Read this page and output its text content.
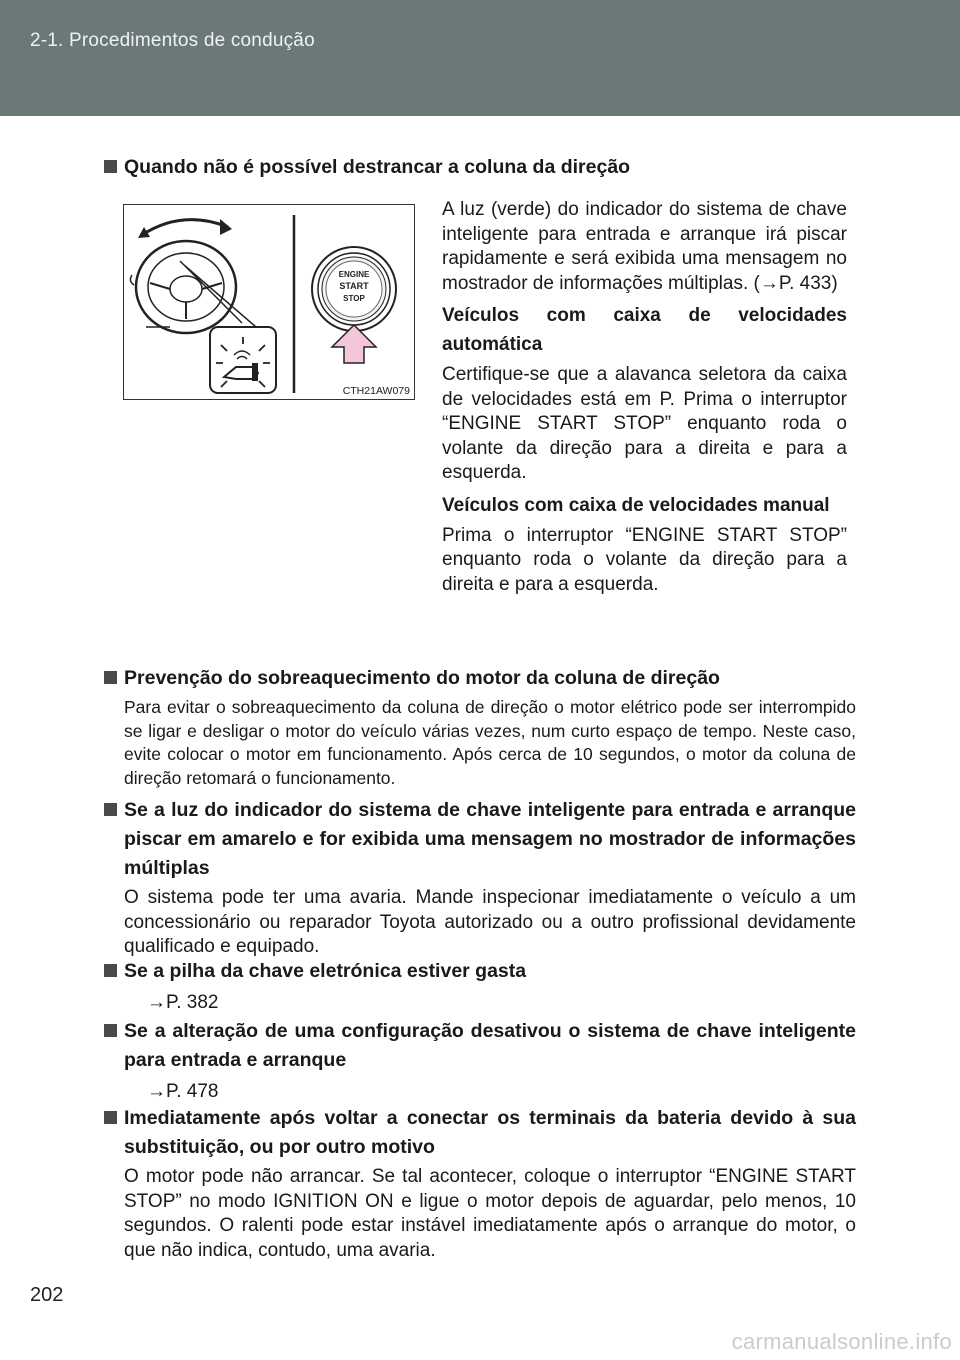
2-1. Procedimentos de condução
Quando não é possível destrancar a coluna da direção
ENGINE
START
STOP
CTH21AW079

A luz (verde) do indicador do sistema de chave inteligente para entrada e arranque irá piscar rapidamente e será exibida uma mensagem no mostrador de informações múltiplas. (→P. 433)

Veículos com caixa de velocidades automática

Certifique-se que a alavanca seletora da caixa de velocidades está em P. Prima o interruptor “ENGINE START STOP” enquanto roda o volante da direção para a direita e para a esquerda.

Veículos com caixa de velocidades manual

Prima o interruptor “ENGINE START STOP” enquanto roda o volante da direção para a direita e para a esquerda.

Prevenção do sobreaquecimento do motor da coluna de direção
Para evitar o sobreaquecimento da coluna de direção o motor elétrico pode ser interrompido se ligar e desligar o motor do veículo várias vezes, num curto espaço de tempo. Neste caso, evite colocar o motor em funcionamento. Após cerca de 10 segundos, o motor da coluna de direção retomará o funcionamento.
Se a luz do indicador do sistema de chave inteligente para entrada e arranque piscar em amarelo e for exibida uma mensagem no mostrador de informações múltiplas
O sistema pode ter uma avaria. Mande inspecionar imediatamente o veículo a um concessionário ou reparador Toyota autorizado ou a outro profissional devidamente qualificado e equipado.
Se a pilha da chave eletrónica estiver gasta
→P. 382
Se a alteração de uma configuração desativou o sistema de chave inteligente para entrada e arranque
→P. 478
Imediatamente após voltar a conectar os terminais da bateria devido à sua substituição, ou por outro motivo
O motor pode não arrancar. Se tal acontecer, coloque o interruptor “ENGINE START STOP” no modo IGNITION ON e ligue o motor depois de aguardar, pelo menos, 10 segundos. O ralenti pode estar instável imediatamente após o arranque do motor, o que não indica, contudo, uma avaria.
202
carmanualsonline.info
